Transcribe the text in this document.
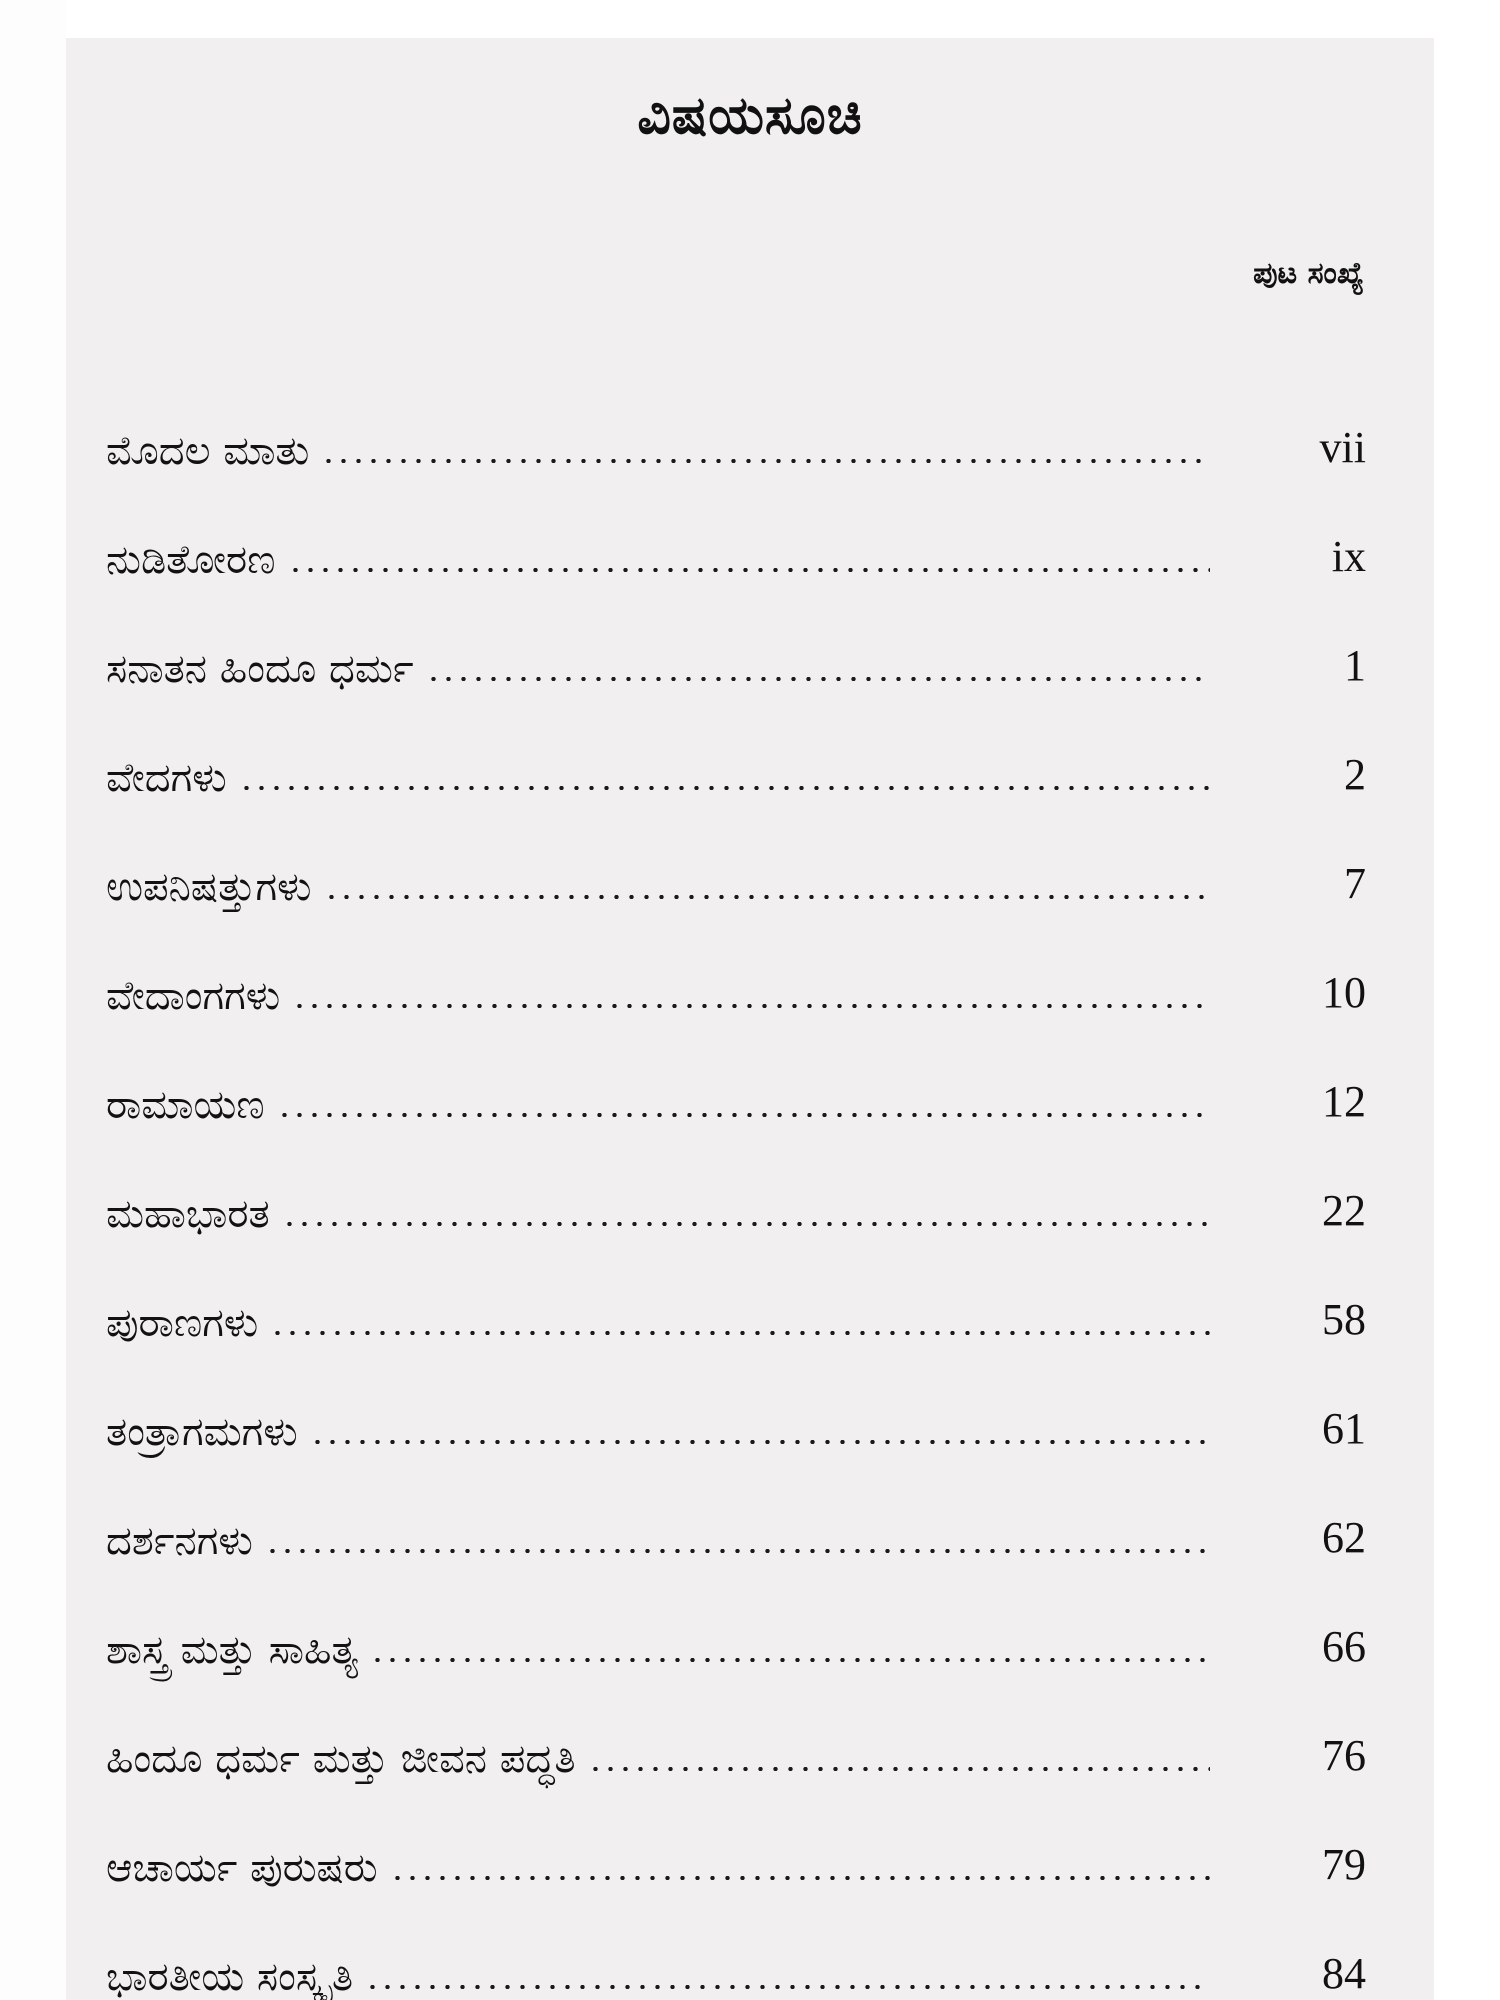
ವಿಷಯಸೂಚಿ
ಪುಟ ಸಂಖ್ಯೆ
ಮೊದಲ ಮಾತು	vii
ನುಡಿತೋರಣ	ix
ಸನಾತನ ಹಿಂದೂ ಧರ್ಮ	1
ವೇದಗಳು	2
ಉಪನಿಷತ್ತುಗಳು	7
ವೇದಾಂಗಗಳು	10
ರಾಮಾಯಣ	12
ಮಹಾಭಾರತ	22
ಪುರಾಣಗಳು	58
ತಂತ್ರಾಗಮಗಳು	61
ದರ್ಶನಗಳು	62
ಶಾಸ್ತ್ರ ಮತ್ತು ಸಾಹಿತ್ಯ	66
ಹಿಂದೂ ಧರ್ಮ ಮತ್ತು ಜೀವನ ಪದ್ಧತಿ	76
ಆಚಾರ್ಯ ಪುರುಷರು	79
ಭಾರತೀಯ ಸಂಸ್ಕೃತಿ	84
